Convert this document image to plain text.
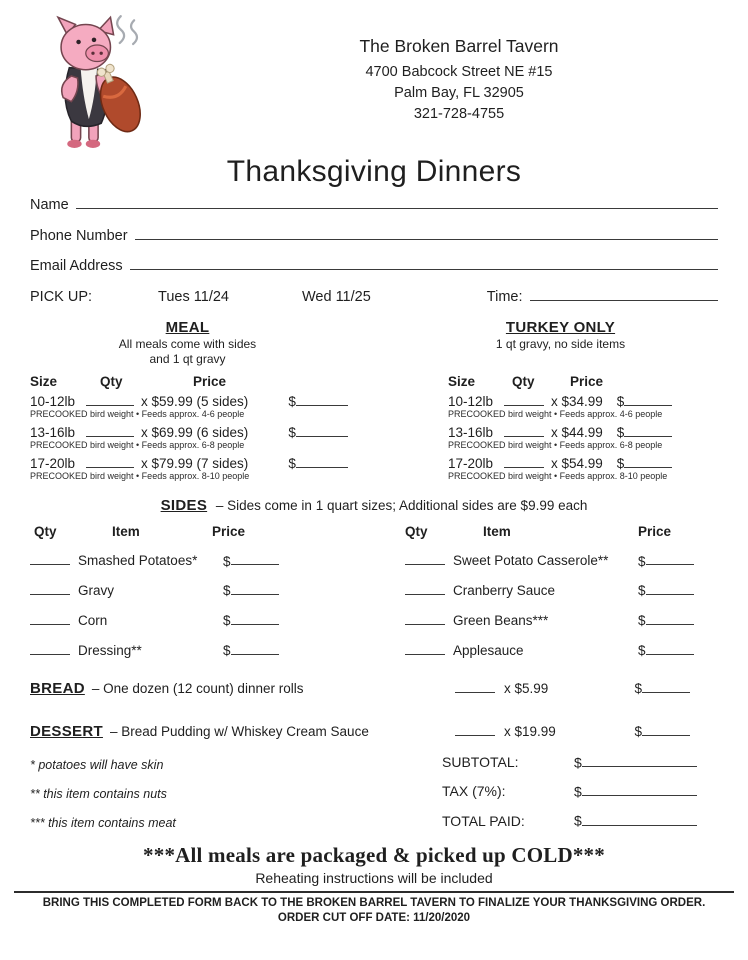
The Broken Barrel Tavern
4700 Babcock Street NE #15
Palm Bay, FL 32905
321-728-4755
Thanksgiving Dinners
Name
Phone Number
Email Address
PICK UP:	Tues 11/24	Wed 11/25	Time:
MEAL
All meals come with sides
and 1 qt gravy
Size	Qty	Price
10-12lb	x $59.99 (5 sides)	$
PRECOOKED bird weight • Feeds approx. 4-6 people
13-16lb	x $69.99 (6 sides)	$
PRECOOKED bird weight • Feeds approx. 6-8 people
17-20lb	x $79.99 (7 sides)	$
PRECOOKED bird weight • Feeds approx. 8-10 people
TURKEY ONLY
1 qt gravy, no side items

Size	Qty	Price
10-12lb	x $34.99 $
PRECOOKED bird weight • Feeds approx. 4-6 people
13-16lb	x $44.99 $
PRECOOKED bird weight • Feeds approx. 6-8 people
17-20lb	x $54.99 $
PRECOOKED bird weight • Feeds approx. 8-10 people
SIDES – Sides come in 1 quart sizes; Additional sides are $9.99 each
Qty	Item	Price
Smashed Potatoes*	$
Gravy	$
Corn	$
Dressing**	$
Qty	Item	Price
Sweet Potato Casserole**	$
Cranberry Sauce	$
Green Beans***	$
Applesauce	$
BREAD – One dozen (12 count) dinner rolls	x $5.99	$
DESSERT – Bread Pudding w/ Whiskey Cream Sauce	x $19.99	$
* potatoes will have skin
** this item contains nuts
*** this item contains meat
SUBTOTAL:	$
TAX (7%):	$
TOTAL PAID:	$
***All meals are packaged & picked up COLD***
Reheating instructions will be included
BRING THIS COMPLETED FORM BACK TO THE BROKEN BARREL TAVERN TO FINALIZE YOUR THANKSGIVING ORDER.
ORDER CUT OFF DATE: 11/20/2020
